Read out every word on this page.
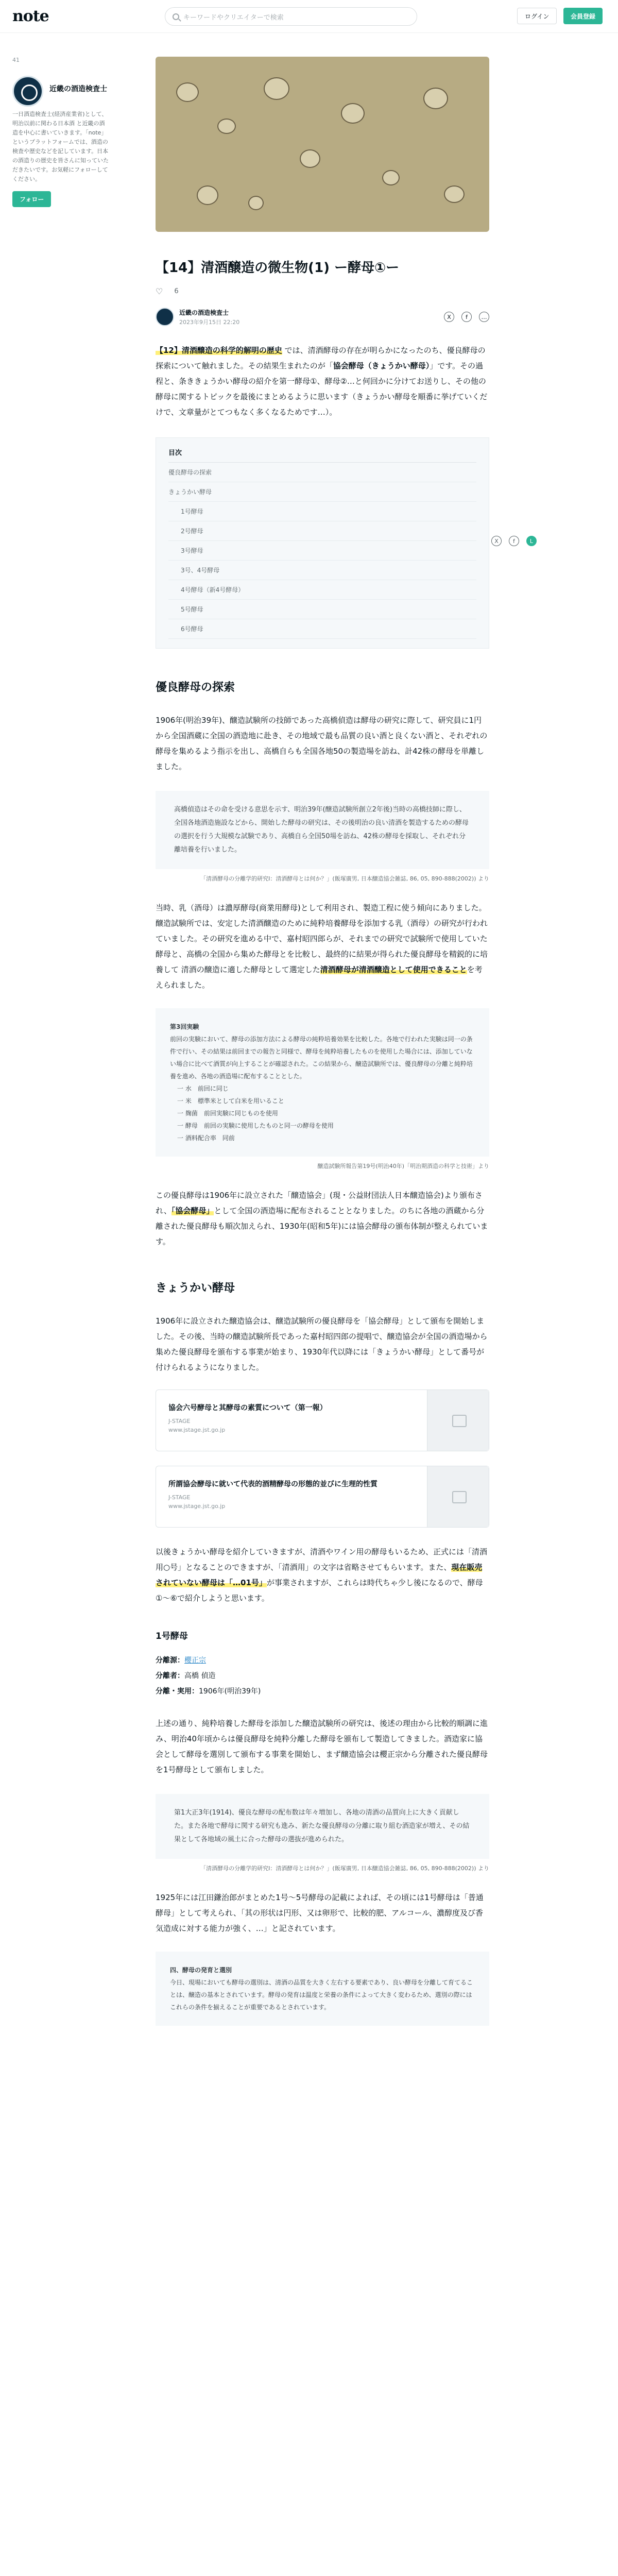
note	キーワードやクリエイターで検索	ログイン	会員登録
41
近畿の酒造検査士
一日酒造検査士(経済産業省)として、明治以前に関わる日本酒 と近畿の酒造を中心に書いていきます。「note」というプラットフォームでは、酒造の検査や歴史などを記しています。日本の酒造りの歴史を皆さんに知っていただきたいです。お気軽にフォローしてください。
フォロー
X	f	L
【14】清酒醸造の微生物(1) ー酵母①ー
♡ 6
近畿の酒造検査士
2023年9月15日 22:20
X	f	…

【12】清酒醸造の科学的解明の歴史 では、清酒酵母の存在が明らかになったのち、優良酵母の探索について触れました。その結果生まれたのが「協会酵母（きょうかい酵母）」です。その過程と、条ききょうかい酵母の紹介を第一酵母①、酵母②…と何回かに分けてお送りし、その他の酵母に関するトピックを最後にまとめるように思います（きょうかい酵母を順番に挙げていくだけで、文章量がとてつもなく多くなるためです…）。

目次
優良酵母の探索
きょうかい酵母
1号酵母
2号酵母
3号酵母
3号、4号酵母
4号酵母（新4号酵母）
5号酵母
6号酵母
優良酵母の探索

1906年(明治39年)、醸造試験所の技師であった高橋偵造は酵母の研究に際して、研究員に1円から全国酒蔵に全国の酒造地に赴き、その地域で最も品質の良い酒と良くない酒と、それぞれの酵母を集めるよう指示を出し、高橋自らも全国各地50の製造場を訪ね、計42株の酵母を単離しました。

高橋偵造はその命を受ける意思を示す、明治39年(醸造試験所創立2年後)当時の高橋技師に際し、全国各地酒造施設などから、開始した酵母の研究は、その後明治の良い清酒を製造するための酵母の選択を行う大規模な試験であり、高橋自ら全国50場を訪ね、42株の酵母を採取し、それぞれ分離培養を行いました。
「清酒酵母の分離学的研究Ⅰ：清酒酵母とは何か？」(飯塚廣男, 日本醸造協会雑誌, 86, 05, 890-888(2002)) より

当時、乳（酒母）は濃厚酵母(商業用酵母)として利用され、製造工程に使う傾向にありました。醸造試験所では、安定した清酒醸造のために純粋培養酵母を添加する乳（酒母）の研究が行われていました。その研究を進める中で、嘉村昭四郎らが、それまでの研究で試験所で使用していた酵母と、高橋の全国から集めた酵母とを比較し、最終的に結果が得られた優良酵母を精鋭的に培養して 清酒の醸造に適した酵母として選定した清酒酵母が清酒醸造として使用できることを考えられました。

第3回実験
前回の実験において、酵母の添加方法による酵母の純粋培養効果を比較した。各地で行われた実験は同一の条件で行い、その結果は前回までの報告と同様で、酵母を純粋培養したものを使用した場合には、添加していない場合に比べて酒質が向上することが確認された。この結果から、醸造試験所では、優良酵母の分離と純粋培養を進め、各地の酒造場に配布することとした。
一 水　前回に同じ
一 米　標準米として白米を用いること
一 麹菌　前回実験に同じものを使用
一 酵母　前回の実験に使用したものと同一の酵母を使用
一 酒料配合率　同前
醸造試験所報告第19号(明治40年)「明治期酒造の科学と技術」より

この優良酵母は1906年に設立された「醸造協会」(現・公益財団法人日本醸造協会)より頒布され、「協会酵母」として全国の酒造場に配布されることとなりました。のちに各地の酒蔵から分離された優良酵母も順次加えられ、1930年(昭和5年)には協会酵母の頒布体制が整えられています。

きょうかい酵母

1906年に設立された醸造協会は、醸造試験所の優良酵母を「協会酵母」として頒布を開始しました。その後、当時の醸造試験所長であった嘉村昭四郎の提唱で、醸造協会が全国の酒造場から集めた優良酵母を頒布する事業が始まり、1930年代以降には「きょうかい酵母」として番号が付けられるようになりました。

協会六号酵母と其酵母の素質について（第一報）
J-STAGE
www.jstage.jst.go.jp
所謂協会酵母に就いて代表的酒精酵母の形態的並びに生理的性質
J-STAGE
www.jstage.jst.go.jp

以後きょうかい酵母を紹介していきますが、清酒やワイン用の酵母もいるため、正式には「清酒用○号」となることのできますが、「清酒用」の文字は省略させてもらいます。また、現在販売されていない酵母は「…01号」が事業されますが、これらは時代ちゃ少し後になるので、酵母①～⑥で紹介しようと思います。

1号酵母
分離源：櫻正宗
分離者：高橋 偵造
分離・実用：1906年(明治39年)

上述の通り、純粋培養した酵母を添加した醸造試験所の研究は、後述の理由から比較的順調に進み、明治40年頃からは優良酵母を純粋分離した酵母を頒布して製造してきました。酒造家に協会として酵母を選別して頒布する事業を開始し、まず醸造協会は櫻正宗から分離された優良酵母を1号酵母として頒布しました。

第1大正3年(1914)、優良な酵母の配布数は年々増加し、各地の清酒の品質向上に大きく貢献した。また各地で酵母に関する研究も進み、新たな優良酵母の分離に取り組む酒造家が増え、その結果として各地域の風土に合った酵母の選抜が進められた。
「清酒酵母の分離学的研究Ⅰ：清酒酵母とは何か？」(飯塚廣男, 日本醸造協会雑誌, 86, 05, 890-888(2002)) より

1925年には江田鎌治郎がまとめた1号〜5号酵母の記載によれば、その頃には1号酵母は「普通酵母」として考えられ、「其の形状は円形、又は卵形で、比較的肥、アルコール、濃醇度及び香気造成に対する能力が強く、…」と記されています。

四、酵母の発育と選別
今日、現場においても酵母の選別は、清酒の品質を大きく左右する要素であり、良い酵母を分離して育てることは、醸造の基本とされています。酵母の発育は温度と栄養の条件によって大きく変わるため、選別の際にはこれらの条件を揃えることが重要であるとされています。
